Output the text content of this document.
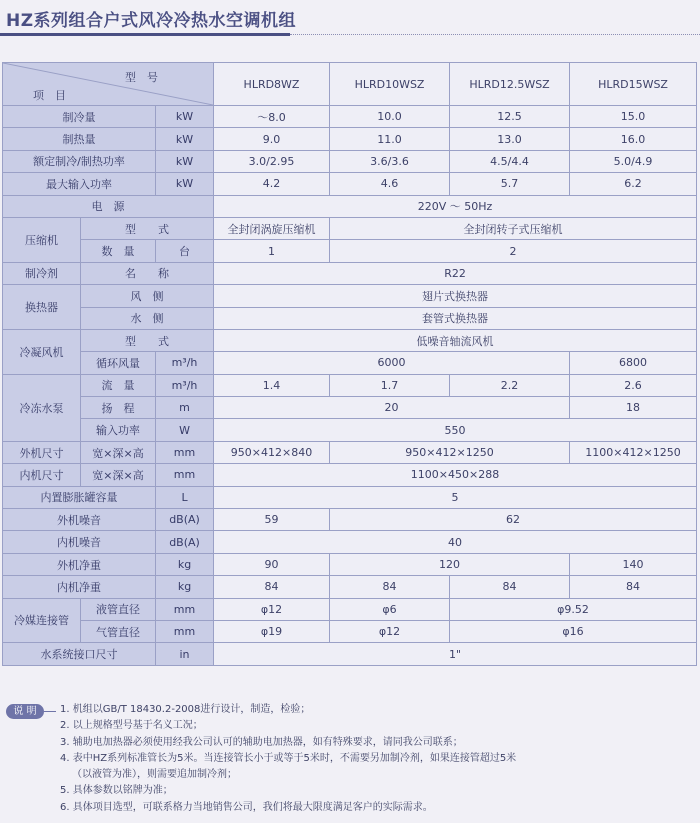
HZ系列组合户式风冷冷热水空调机组
型　号
项　目			HLRD8WZ	HLRD10WSZ	HLRD12.5WSZ	HLRD15WSZ
制冷量		kW	～8.0	10.0	12.5	15.0
制热量		kW	9.0	11.0	13.0	16.0
额定制冷/制热功率		kW	3.0/2.95	3.6/3.6	4.5/4.4	5.0/4.9
最大输入功率		kW	4.2	4.6	5.7	6.2
电　源			220V ～ 50Hz			
压缩机	型　　式		全封闭涡旋压缩机	全封闭转子式压缩机		
	数　量	台	1	2		
制冷剂	名　　称		R22			
换热器	风　侧		翅片式换热器			
	水　侧		套管式换热器			
冷凝风机	型　　式		低噪音轴流风机			
	循环风量	m³/h	6000			6800
冷冻水泵	流　量	m³/h	1.4	1.7	2.2	2.6
	扬　程	m	20			18
	输入功率	W	550			
外机尺寸	宽×深×高	mm	950×412×840	950×412×1250		1100×412×1250
内机尺寸	宽×深×高	mm	1100×450×288			
内置膨胀罐容量		L	5			
外机噪音		dB(A)	59	62		
内机噪音		dB(A)	40			
外机净重		kg	90	120		140
内机净重		kg	84	84	84	84
冷媒连接管	液管直径	mm	φ12	φ6	φ9.52	
	气管直径	mm	φ19	φ12	φ16	
水系统接口尺寸		in	1"			
说 明	1. 机组以GB/T 18430.2-2008进行设计，制造，检验；
2. 以上规格型号基于名义工况；
3. 辅助电加热器必须使用经我公司认可的辅助电加热器，如有特殊要求，请同我公司联系；
4. 表中HZ系列标准管长为5米。当连接管长小于或等于5米时，不需要另加制冷剂，如果连接管超过5米
（以液管为准），则需要追加制冷剂；
5. 具体参数以铭牌为准；
6. 具体项目选型，可联系格力当地销售公司，我们将最大限度满足客户的实际需求。
